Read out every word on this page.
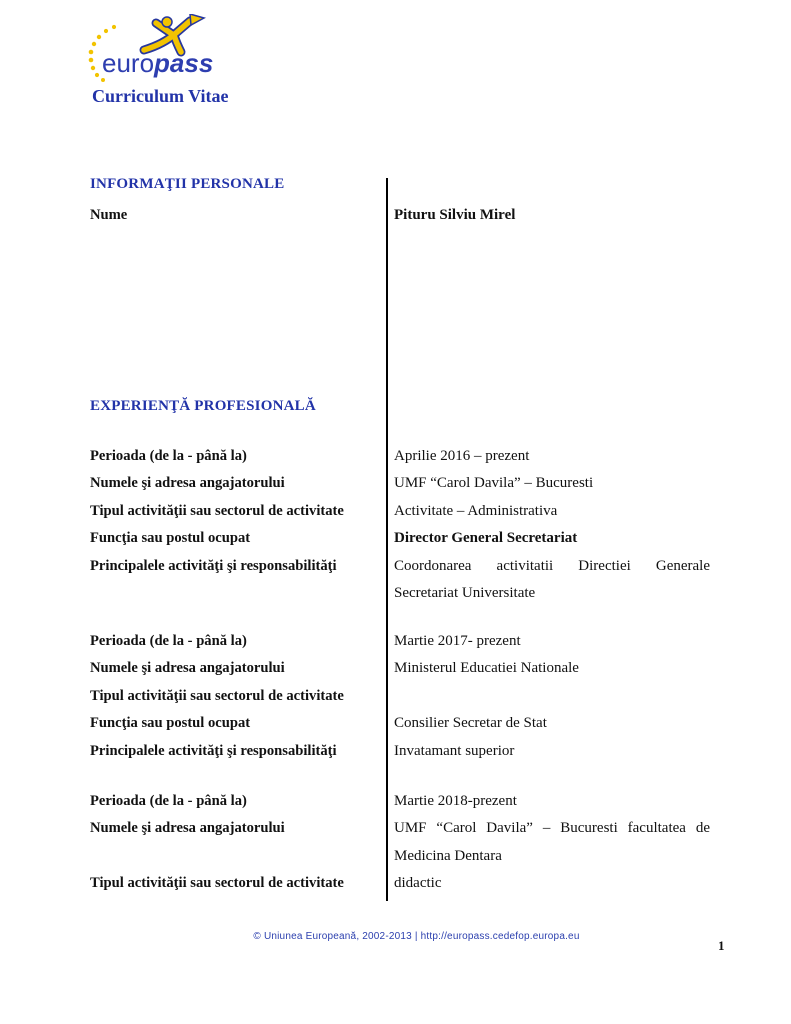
europass
Curriculum Vitae
INFORMAŢII PERSONALE
Nume	Pituru Silviu Mirel
EXPERIENŢĂ PROFESIONALĂ
Perioada (de la - până la)	Aprilie 2016 – prezent
Numele şi adresa angajatorului	UMF “Carol Davila” – Bucuresti
Tipul activităţii sau sectorul de activitate	Activitate – Administrativa
Funcţia sau postul ocupat	Director General Secretariat
Principalele activităţi şi responsabilităţi	Coordonarea activitatii Directiei Generale Secretariat Universitate
Perioada (de la - până la)	Martie 2017- prezent
Numele şi adresa angajatorului	Ministerul Educatiei Nationale
Tipul activităţii sau sectorul de activitate
Funcţia sau postul ocupat	Consilier Secretar de Stat
Principalele activităţi şi responsabilităţi	Invatamant superior
Perioada (de la - până la)	Martie 2018-prezent
Numele şi adresa angajatorului	UMF “Carol Davila” – Bucuresti facultatea de Medicina Dentara
Tipul activităţii sau sectorul de activitate	didactic
© Uniunea Europeană, 2002-2013 | http://europass.cedefop.europa.eu
1
